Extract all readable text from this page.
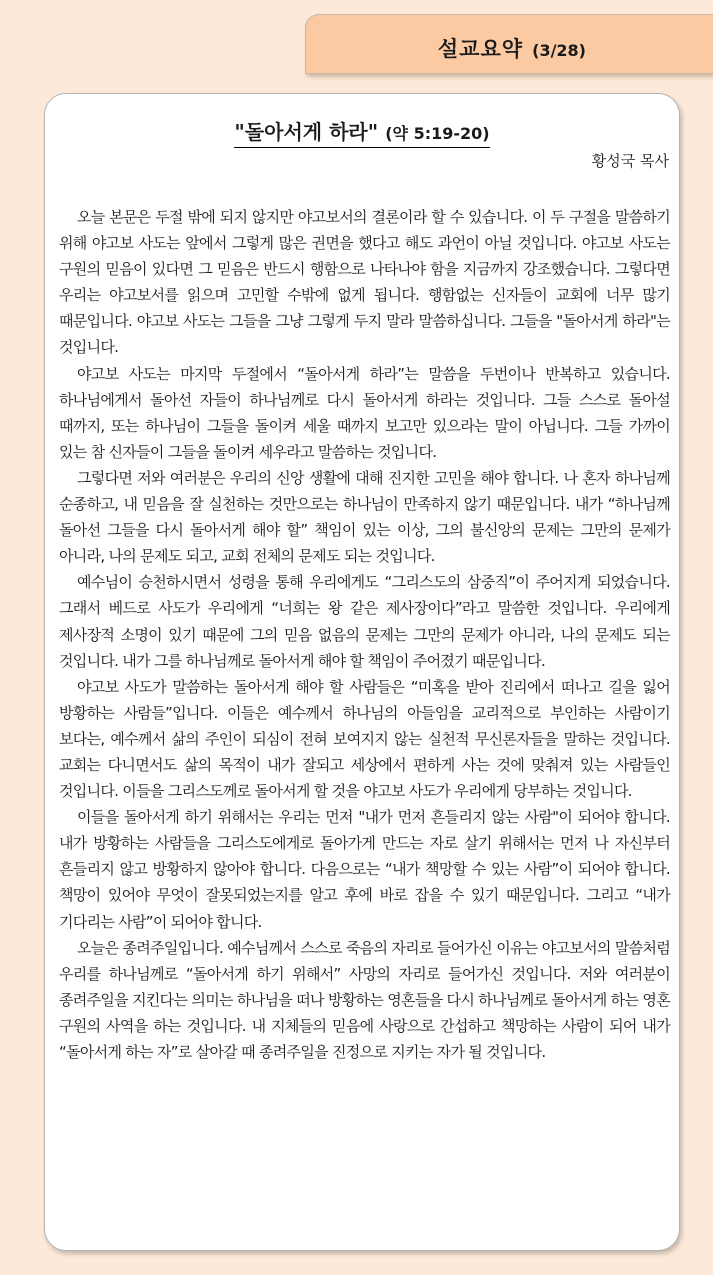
설교요약 (3/28)
"돌아서게 하라" (약 5:19-20)
황성국 목사

오늘 본문은 두절 밖에 되지 않지만 야고보서의 결론이라 할 수 있습니다. 이 두 구절을 말씀하기 위해 야고보 사도는 앞에서 그렇게 많은 권면을 했다고 해도 과언이 아닐 것입니다. 야고보 사도는 구원의 믿음이 있다면 그 믿음은 반드시 행함으로 나타나야 함을 지금까지 강조했습니다. 그렇다면 우리는 야고보서를 읽으며 고민할 수밖에 없게 됩니다. 행함없는 신자들이 교회에 너무 많기 때문입니다. 야고보 사도는 그들을 그냥 그렇게 두지 말라 말씀하십니다. 그들을 "돌아서게 하라"는 것입니다.

야고보 사도는 마지막 두절에서 “돌아서게 하라”는 말씀을 두번이나 반복하고 있습니다. 하나님에게서 돌아선 자들이 하나님께로 다시 돌아서게 하라는 것입니다. 그들 스스로 돌아설 때까지, 또는 하나님이 그들을 돌이켜 세울 때까지 보고만 있으라는 말이 아닙니다. 그들 가까이 있는 참 신자들이 그들을 돌이켜 세우라고 말씀하는 것입니다.

그렇다면 저와 여러분은 우리의 신앙 생활에 대해 진지한 고민을 해야 합니다. 나 혼자 하나님께 순종하고, 내 믿음을 잘 실천하는 것만으로는 하나님이 만족하지 않기 때문입니다. 내가 “하나님께 돌아선 그들을 다시 돌아서게 해야 할” 책임이 있는 이상, 그의 불신앙의 문제는 그만의 문제가 아니라, 나의 문제도 되고, 교회 전체의 문제도 되는 것입니다.

예수님이 승천하시면서 성령을 통해 우리에게도 “그리스도의 삼중직”이 주어지게 되었습니다. 그래서 베드로 사도가 우리에게 “너희는 왕 같은 제사장이다”라고 말씀한 것입니다. 우리에게 제사장적 소명이 있기 때문에 그의 믿음 없음의 문제는 그만의 문제가 아니라, 나의 문제도 되는 것입니다. 내가 그를 하나님께로 돌아서게 해야 할 책임이 주어졌기 때문입니다.

야고보 사도가 말씀하는 돌아서게 해야 할 사람들은 “미혹을 받아 진리에서 떠나고 길을 잃어 방황하는 사람들”입니다. 이들은 예수께서 하나님의 아들임을 교리적으로 부인하는 사람이기 보다는, 예수께서 삶의 주인이 되심이 전혀 보여지지 않는 실천적 무신론자들을 말하는 것입니다. 교회는 다니면서도 삶의 목적이 내가 잘되고 세상에서 편하게 사는 것에 맞춰져 있는 사람들인 것입니다. 이들을 그리스도께로 돌아서게 할 것을 야고보 사도가 우리에게 당부하는 것입니다.

이들을 돌아서게 하기 위해서는 우리는 먼저 "내가 먼저 흔들리지 않는 사람"이 되어야 합니다. 내가 방황하는 사람들을 그리스도에게로 돌아가게 만드는 자로 살기 위해서는 먼저 나 자신부터 흔들리지 않고 방황하지 않아야 합니다. 다음으로는 “내가 책망할 수 있는 사람”이 되어야 합니다. 책망이 있어야 무엇이 잘못되었는지를 알고 후에 바로 잡을 수 있기 때문입니다. 그리고 “내가 기다리는 사람”이 되어야 합니다.

오늘은 종려주일입니다. 예수님께서 스스로 죽음의 자리로 들어가신 이유는 야고보서의 말씀처럼 우리를 하나님께로 “돌아서게 하기 위해서” 사망의 자리로 들어가신 것입니다. 저와 여러분이 종려주일을 지킨다는 의미는 하나님을 떠나 방황하는 영혼들을 다시 하나님께로 돌아서게 하는 영혼 구원의 사역을 하는 것입니다. 내 지체들의 믿음에 사랑으로 간섭하고 책망하는 사람이 되어 내가 “돌아서게 하는 자”로 살아갈 때 종려주일을 진정으로 지키는 자가 될 것입니다.
